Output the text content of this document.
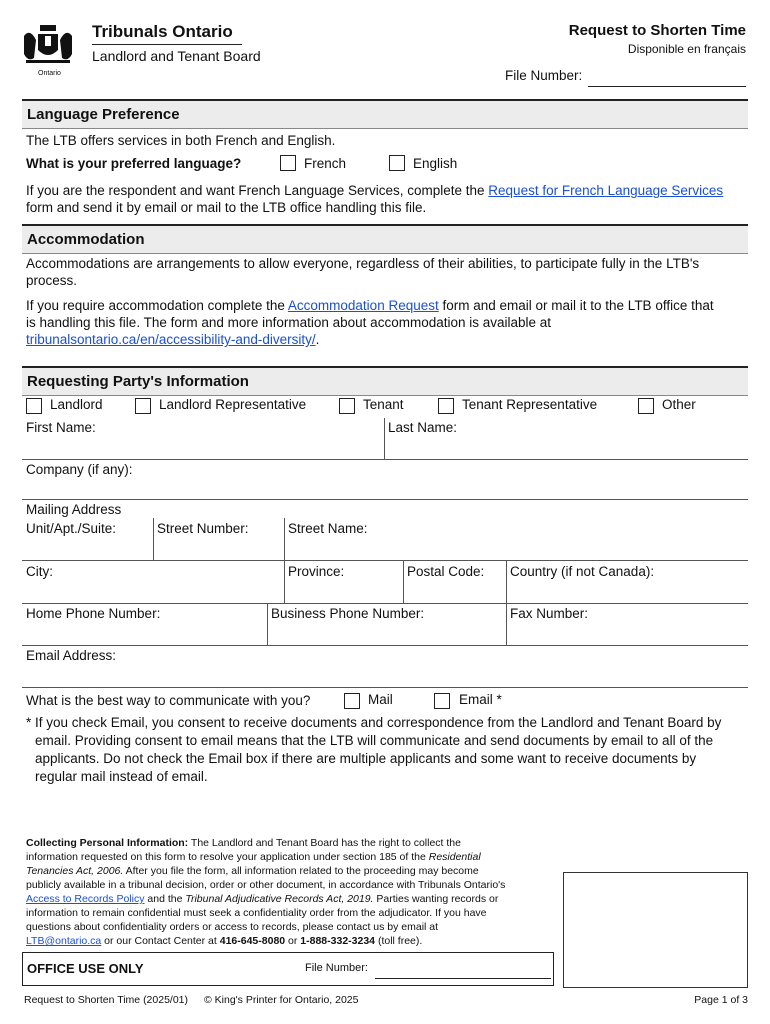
Ontario
Tribunals Ontario
Landlord and Tenant Board
Request to Shorten Time
Disponible en français
File Number:
Language Preference
The LTB offers services in both French and English.
What is your preferred language?	French	English
If you are the respondent and want French Language Services, complete the Request for French Language Services
form and send it by email or mail to the LTB office handling this file.
Accommodation
Accommodations are arrangements to allow everyone, regardless of their abilities, to participate fully in the LTB's
process.
If you require accommodation complete the Accommodation Request form and email or mail it to the LTB office that
is handling this file. The form and more information about accommodation is available at
tribunalsontario.ca/en/accessibility-and-diversity/.
Requesting Party's Information
Landlord	Landlord Representative	Tenant	Tenant Representative	Other
First Name:	Last Name:
Company (if any):
Mailing Address
Unit/Apt./Suite:	Street Number:	Street Name:
City:	Province:	Postal Code: Country (if not Canada):
Home Phone Number:	Business Phone Number:	Fax Number:
Email Address:
What is the best way to communicate with you?	Mail	Email *
* If you check Email, you consent to receive documents and correspondence from the Landlord and Tenant Board by
email. Providing consent to email means that the LTB will communicate and send documents by email to all of the
applicants. Do not check the Email box if there are multiple applicants and some want to receive documents by
regular mail instead of email.
Collecting Personal Information: The Landlord and Tenant Board has the right to collect the
information requested on this form to resolve your application under section 185 of the Residential
Tenancies Act, 2006. After you file the form, all information related to the proceeding may become
publicly available in a tribunal decision, order or other document, in accordance with Tribunals Ontario's
Access to Records Policy and the Tribunal Adjudicative Records Act, 2019. Parties wanting records or
information to remain confidential must seek a confidentiality order from the adjudicator. If you have
questions about confidentiality orders or access to records, please contact us by email at
LTB@ontario.ca or our Contact Center at 416-645-8080 or 1-888-332-3234 (toll free).
OFFICE USE ONLY	File Number:
Request to Shorten Time (2025/01) © King's Printer for Ontario, 2025	Page 1 of 3
